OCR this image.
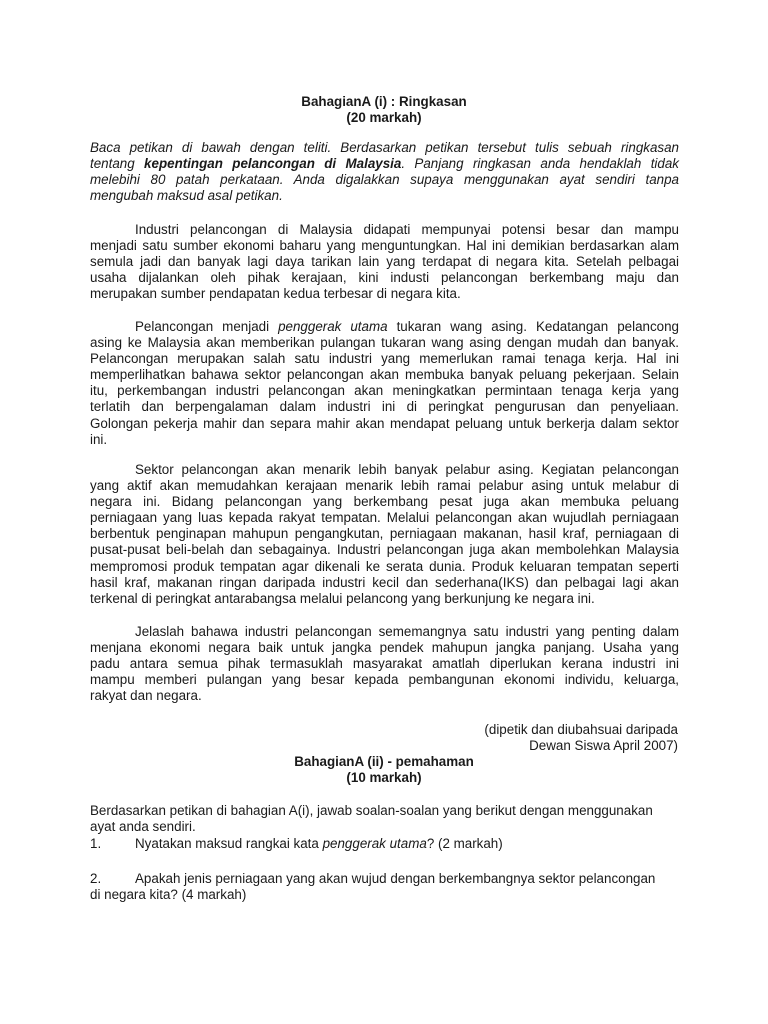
BahagianA (i) : Ringkasan
(20 markah)
Baca petikan di bawah dengan teliti. Berdasarkan petikan tersebut tulis sebuah ringkasan
tentang kepentingan pelancongan di Malaysia. Panjang ringkasan anda hendaklah tidak
melebihi 80 patah perkataan. Anda digalakkan supaya menggunakan ayat sendiri tanpa
mengubah maksud asal petikan.
Industri pelancongan di Malaysia didapati mempunyai potensi besar dan mampu
menjadi satu sumber ekonomi baharu yang menguntungkan. Hal ini demikian berdasarkan alam
semula jadi dan banyak lagi daya tarikan lain yang terdapat di negara kita. Setelah pelbagai
usaha dijalankan oleh pihak kerajaan, kini industi pelancongan berkembang maju dan
merupakan sumber pendapatan kedua terbesar di negara kita.
Pelancongan menjadi penggerak utama tukaran wang asing. Kedatangan pelancong
asing ke Malaysia akan memberikan pulangan tukaran wang asing dengan mudah dan banyak.
Pelancongan merupakan salah satu industri yang memerlukan ramai tenaga kerja. Hal ini
memperlihatkan bahawa sektor pelancongan akan membuka banyak peluang pekerjaan. Selain
itu, perkembangan industri pelancongan akan meningkatkan permintaan tenaga kerja yang
terlatih dan berpengalaman dalam industri ini di peringkat pengurusan dan penyeliaan.
Golongan pekerja mahir dan separa mahir akan mendapat peluang untuk berkerja dalam sektor
ini.
Sektor pelancongan akan menarik lebih banyak pelabur asing. Kegiatan pelancongan
yang aktif akan memudahkan kerajaan menarik lebih ramai pelabur asing untuk melabur di
negara ini. Bidang pelancongan yang berkembang pesat juga akan membuka peluang
perniagaan yang luas kepada rakyat tempatan. Melalui pelancongan akan wujudlah perniagaan
berbentuk penginapan mahupun pengangkutan, perniagaan makanan, hasil kraf, perniagaan di
pusat-pusat beli-belah dan sebagainya. Industri pelancongan juga akan membolehkan Malaysia
mempromosi produk tempatan agar dikenali ke serata dunia. Produk keluaran tempatan seperti
hasil kraf, makanan ringan daripada industri kecil dan sederhana(IKS) dan pelbagai lagi akan
terkenal di peringkat antarabangsa melalui pelancong yang berkunjung ke negara ini.
Jelaslah bahawa industri pelancongan sememangnya satu industri yang penting dalam
menjana ekonomi negara baik untuk jangka pendek mahupun jangka panjang. Usaha yang
padu antara semua pihak termasuklah masyarakat amatlah diperlukan kerana industri ini
mampu memberi pulangan yang besar kepada pembangunan ekonomi individu, keluarga,
rakyat dan negara.
(dipetik dan diubahsuai daripada
Dewan Siswa April 2007)
BahagianA (ii) - pemahaman
(10 markah)
Berdasarkan petikan di bahagian A(i), jawab soalan-soalan yang berikut dengan menggunakan
ayat anda sendiri.
1.	Nyatakan maksud rangkai kata penggerak utama? (2 markah)
2.	Apakah jenis perniagaan yang akan wujud dengan berkembangnya sektor pelancongan
di negara kita? (4 markah)
